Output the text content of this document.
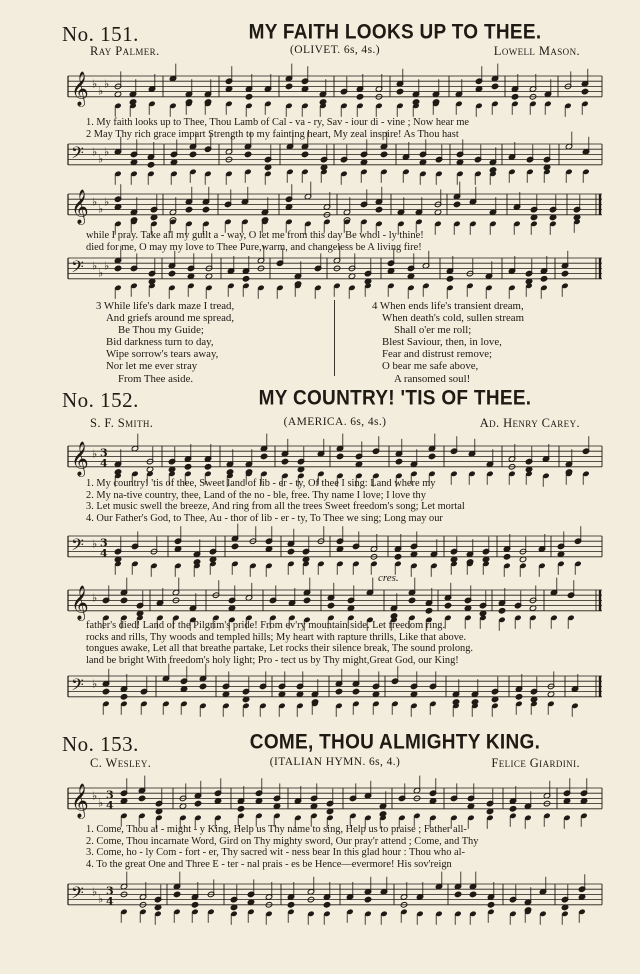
No. 151.	MY FAITH LOOKS UP TO THEE.
Ray Palmer.	(OLIVET. 6s, 4s.)	Lowell Mason.
𝄞 ♭
♭
♭
1. My faith looks up to Thee, Thou Lamb of Cal - va - ry, Sav - iour di - vine ; Now hear me
2 May Thy rich grace impart Strength to my fainting heart, My zeal inspire! As Thou hast
𝄢 ♭
♭
♭
𝄞 ♭
♭
♭
while I pray. Take all my guilt a - way, O let me from this day Be whol - ly thine!
died for me, O may my love to Thee Pure,warm, and changeless be A living fire!
𝄢 ♭
♭
♭
3 While life's dark maze I tread,
And griefs around me spread,
Be Thou my Guide;
Bid darkness turn to day,
Wipe sorrow's tears away,
Nor let me ever stray
From Thee aside.
4 When ends life's transient dream,
When death's cold, sullen stream
Shall o'er me roll;
Blest Saviour, then, in love,
Fear and distrust remove;
O bear me safe above,
A ransomed soul!
No. 152.	MY COUNTRY! 'TIS OF THEE.
S. F. Smith.	(AMERICA. 6s, 4s.)	Ad. Henry Carey.
𝄞 ♭ 3
4
1. My country! 'tis of thee, Sweet land of lib - er - ty, Of thee I sing: Land where my
2. My na-tive country, thee, Land of the no - ble, free. Thy name I love; I love thy
3. Let music swell the breeze, And ring from all the trees Sweet freedom's song; Let mortal
4. Our Father's God, to Thee, Au - thor of lib - er - ty, To Thee we sing; Long may our
𝄢 ♭ 3
4
cres.
𝄞 ♭
father's died! Land of the Pilgrim's pride! From ev'ry mountain side. Let freedom ring.
rocks and rills, Thy woods and templed hills; My heart with rapture thrills, Like that above.
tongues awake, Let all that breathe partake, Let rocks their silence break, The sound prolong.
land be bright With freedom's holy light; Pro - tect us by Thy might,Great God, our King!
𝄢 ♭
No. 153.	COME, THOU ALMIGHTY KING.
C. Wesley.	(ITALIAN HYMN. 6s, 4.)	Felice Giardini.
𝄞 ♭
♭
3
4
1. Come, Thou al - might - y King, Help us Thy name to sing, Help us to praise ; Father all-
2. Come, Thou incarnate Word, Gird on Thy mighty sword, Our pray'r attend ; Come, and Thy
3. Come, ho - ly Com - fort - er, Thy sacred wit - ness bear In this glad hour : Thou who al-
4. To the great One and Three E - ter - nal prais - es be Hence—evermore! His sov'reign
𝄢 ♭
♭
3
4
